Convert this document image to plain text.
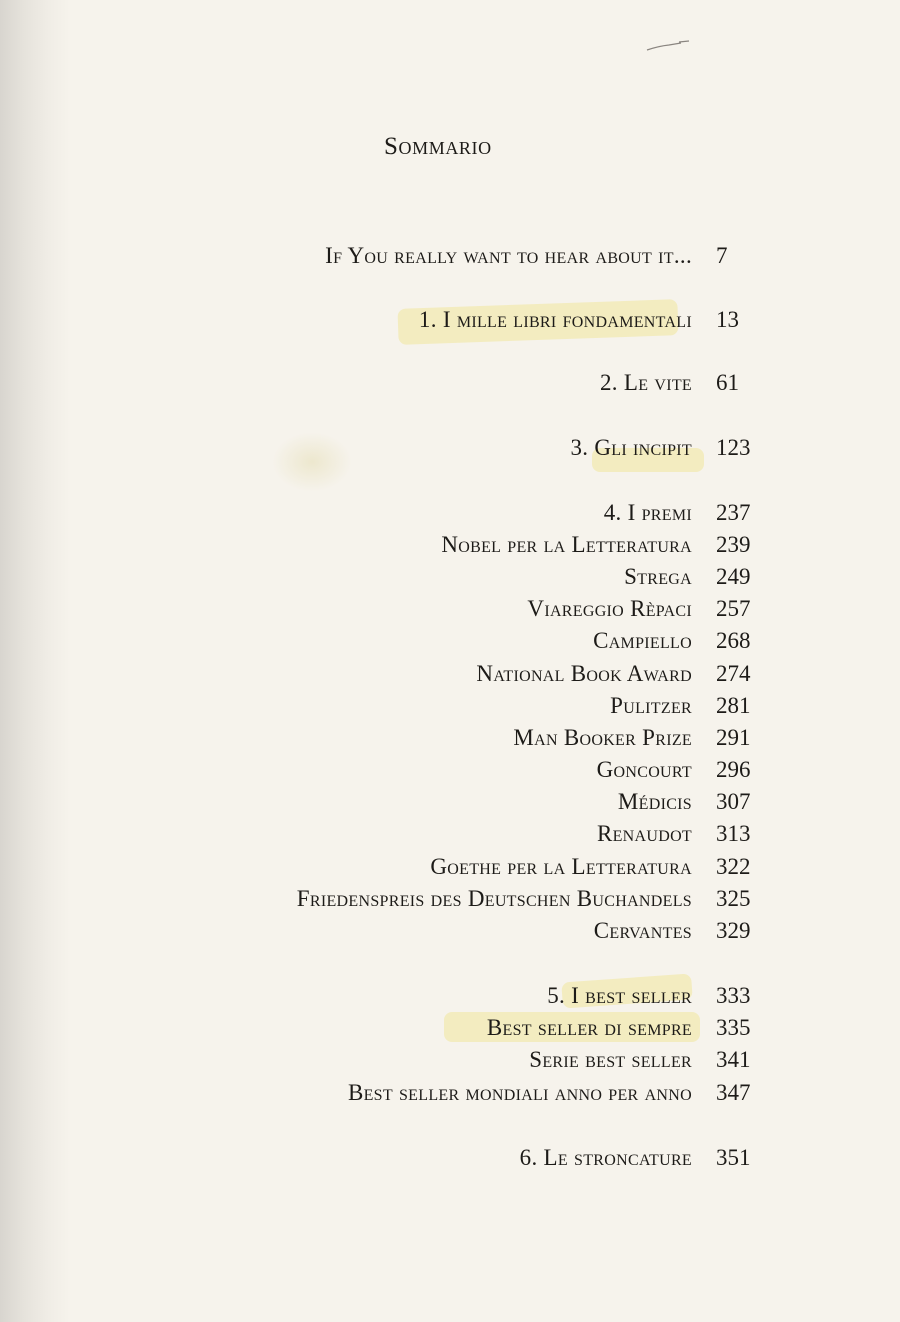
Sommario
If You really want to hear about it... 7
1. I mille libri fondamentali 13
2. Le vite 61
3. Gli incipit 123
4. I premi 237
Nobel per la Letteratura 239
Strega 249
Viareggio Rèpaci 257
Campiello 268
National Book Award 274
Pulitzer 281
Man Booker Prize 291
Goncourt 296
Médicis 307
Renaudot 313
Goethe per la Letteratura 322
Friedenspreis des Deutschen Buchandels 325
Cervantes 329
5. I best seller 333
Best seller di sempre 335
Serie best seller 341
Best seller mondiali anno per anno 347
6. Le stroncature 351
